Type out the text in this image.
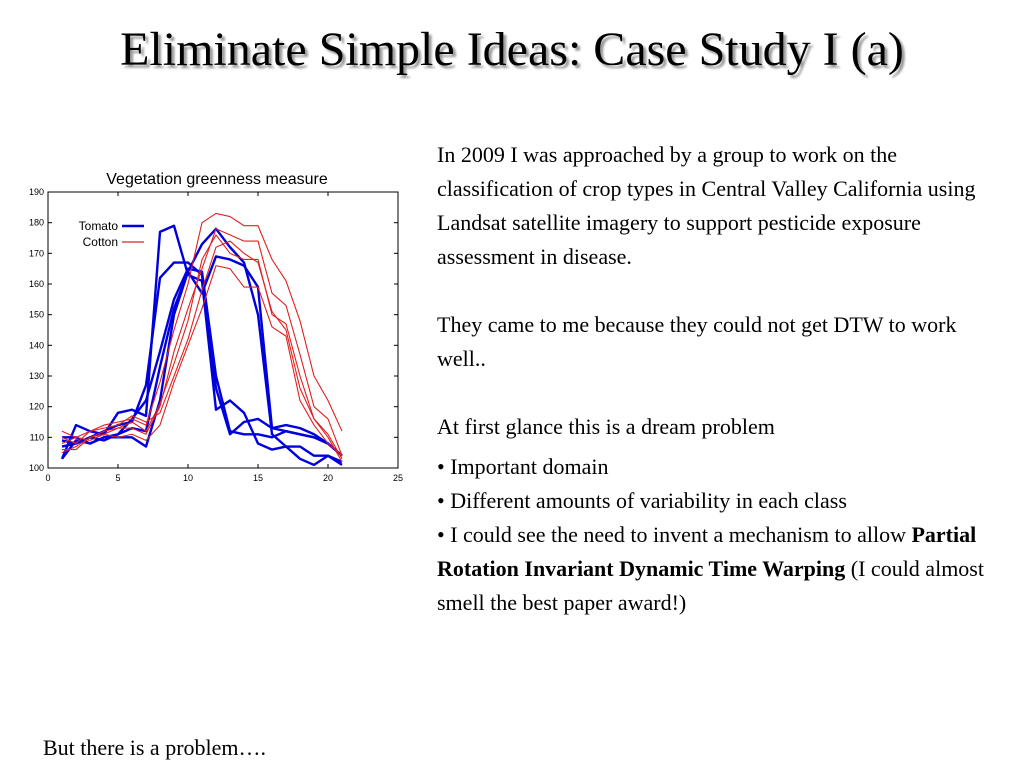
Eliminate Simple Ideas: Case Study I (a)
Vegetation greenness measure
100
110
120
130
140
150
160
170
180
190
0	5	10	15	20	25
Tomato
Cotton

In 2009 I was approached by a group to work on the classification of crop types in Central Valley California using Landsat satellite imagery to support pesticide exposure assessment in disease.

They came to me because they could not get DTW to work well..

At first glance this is a dream problem

• Important domain

• Different amounts of variability in each class

• I could see the need to invent a mechanism to allow Partial Rotation Invariant Dynamic Time Warping (I could almost smell the best paper award!)

But there is a problem….
